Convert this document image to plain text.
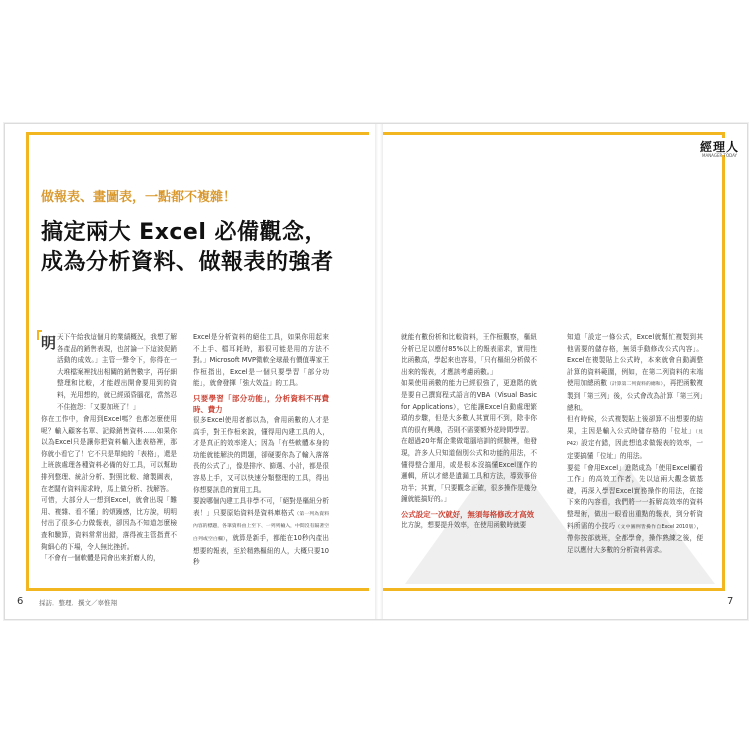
經理人
MANAGER TODAY
做報表、畫圖表，一點都不複雜！
搞定兩大 Excel 必備觀念，
成為分析資料、做報表的強者
明 天下午給我這個月的業績概況，我想了解各產品的銷售表現，也討論一下這波促銷活動的成效。」主管一聲令下，你得在一大堆檔案裡找出相關的銷售數字，再仔細整理和比較，才能趕出開會要用到的資料，光用想的，就已經頭昏腦花，當然忍不住抱怨：「又要加班了！」

你在工作中，會用到Excel嗎？也都怎麼使用呢？輸入顧客名單、記錄銷售資料……如果你以為Excel只是讓你把資料輸入進表格裡，那你就小看它了！它不只是單純的「表格」，還是上班族處理各種資料必備的好工具，可以幫助排列整理、統計分析、對照比較、繪製圖表，在老闆有資料需求時，馬上做分析、找解答。

可惜，大部分人一想到Excel，就會出現「難用、複雜、看不懂」的煩躁感，比方說，明明付出了很多心力做報表，卻因為不知道怎麼檢查和驗算，資料常常出錯，落得被主管指責不夠細心的下場，令人無比挫折。

「不會有一個軟體是同會出來折磨人的，

Excel是分析資料的絕佳工具，如果你用起來不上手、檔耳耗時，那很可能是用的方法不對。」Microsoft MVP微軟全球最有價值專家王作桓指出，Excel是一個只要學習「部分功能」，就會發揮「強大效益」的工具。

只要學習「部分功能」，分析資料不再費時、費力

很多Excel使用者都以為，會用函數的人才是高手，對王作桓來說，懂得用內建工具的人，才是真正的效率達人；因為「有些軟體本身的功能就能解決的問題，卻硬要你為了輸入落落長的公式了」，像是排序、篩選、小計，都是很容易上手，又可以快速分類整理的工具，得出你想要訊息的實用工具。

要說哪個內建工具非學不可，「絕對是樞紐分析表！」只要原始資料是資料庫格式（第一列為資料內容的標題，各筆資料由上至下、一列列輸入，中間沒有隔著空白列或空白欄），就算是新手，都能在10秒內產出想要的報表，至於精熟樞紐的人，大概只要10秒

就能有數份析和比較資料，王作桓觀察，樞紐分析已足以應付85%以上的報表需求，實用性比函數高，學起來也容易，「只有樞紐分析做不出來的報表，才應該考慮函數。」

如果使用函數的能力已經很強了，更進階的就是要自己撰寫程式語言的VBA（Visual Basic for Applications），它能讓Excel自動處理繁瑣的步驟，但是大多數人其實用不到，除非你真的很有興趣，否則不需要額外花時間學習。

在超過20年幫企業做電腦培訓的經驗裡，他發現，許多人只知道個別公式和功能的用法，不懂得整合運用，或是根本沒搞懂Excel運作的邏輯，所以才總是遺漏工具和方法，導致事倍功半；其實，「只要觀念正確，很多操作是幾分鐘就能搞好的。」

公式設定一次就好，無須每格修改才高效

比方說，想要提升效率，在使用函數時就要

知道「設定一條公式，Excel就幫忙複製到其他需要的儲存格，無須手動修改公式內容」。Excel在複製貼上公式時，本來就會自動調整計算的資料範圍，例如，在第二列資料的末端使用加總函數（計算第二列資料的總和），再把函數複製到「第三列」後，公式會改為計算「第三列」總和。

但有時候，公式複製貼上後卻算不出想要的結果，主因是輸入公式時儲存格的「位址」（見P42）設定有錯，因此想追求做報表的效率，一定要搞懂「位址」的用法。

要從「會用Excel」進階成為「使用Excel觸看工作」的高效工作者，先以這兩大觀念做基礎，再深入學習Excel實務操作的用法，在接下來的內容看，我們將一一拆解高效率的資料整理術，做出一眼看出重點的報表，到分析資料所需的小技巧（文中圖例皆操作自Excel 2010版），帶你按部就班，全都學會，操作熟練之後，便足以應付大多數的分析資料需求。

6 採訪．整理．撰文／辜惟翔	7
